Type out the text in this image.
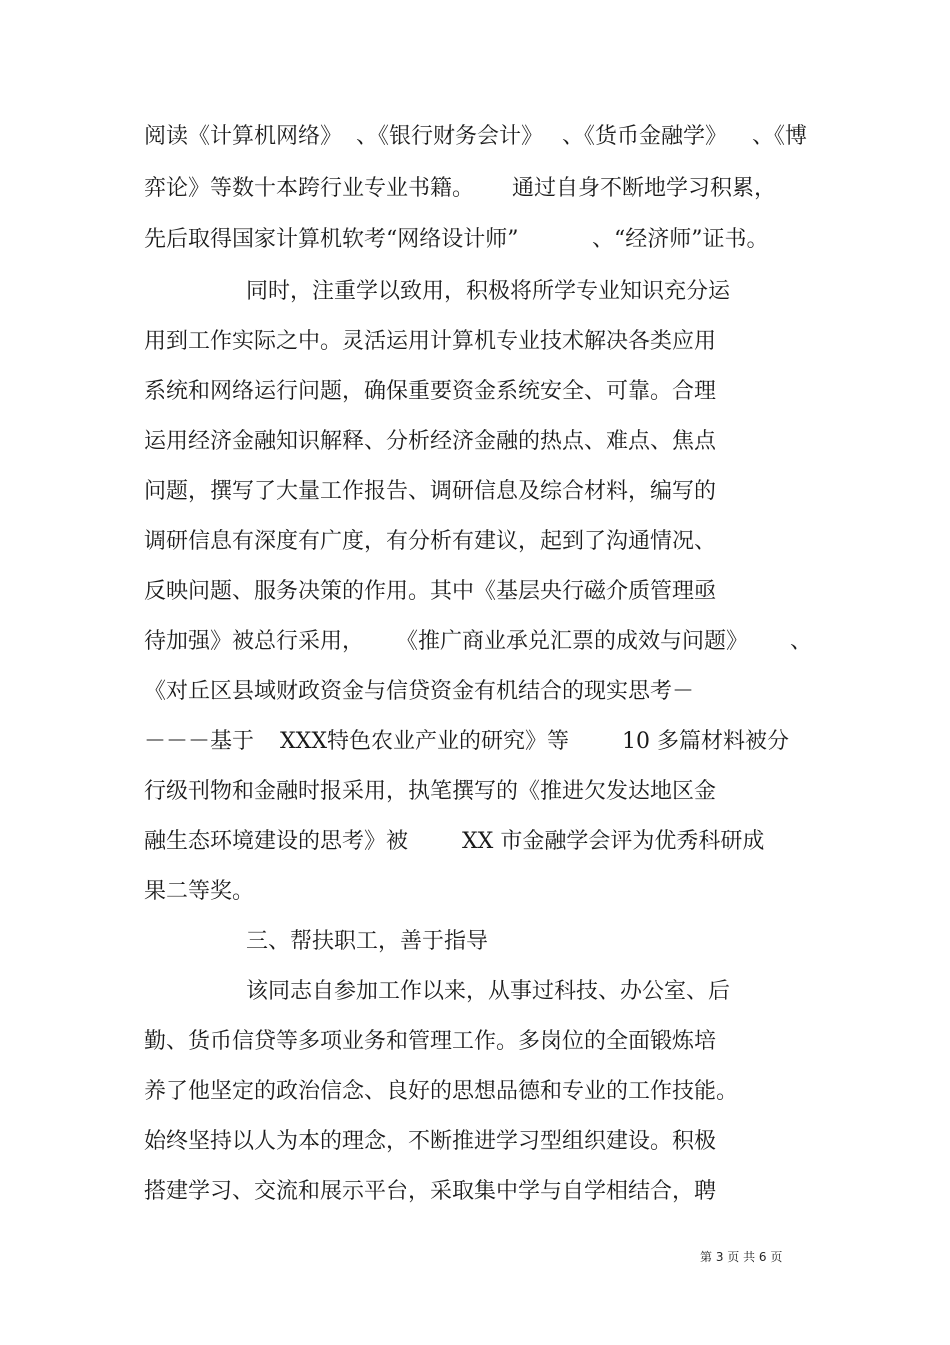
阅读《计算机网络》 、《银行财务会计》 、《货币金融学》 、《博
弈论》等数十本跨行业专业书籍。 通过自身不断地学习积累，
先后取得国家计算机软考“网络设计师”	、“经济师”证书。
同时，注重学以致用，积极将所学专业知识充分运
用到工作实际之中。灵活运用计算机专业技术解决各类应用
系统和网络运行问题，确保重要资金系统安全、可靠。合理
运用经济金融知识解释、分析经济金融的热点、难点、焦点
问题，撰写了大量工作报告、调研信息及综合材料，编写的
调研信息有深度有广度，有分析有建议，起到了沟通情况、
反映问题、服务决策的作用。其中《基层央行磁介质管理亟
待加强》被总行采用， 《推广商业承兑汇票的成效与问题》 、
《对丘区县域财政资金与信贷资金有机结合的现实思考－
－－－基于 XXX特色农业产业的研究》等 10 多篇材料被分
行级刊物和金融时报采用，执笔撰写的《推进欠发达地区金
融生态环境建设的思考》被 XX 市金融学会评为优秀科研成
果二等奖。
三、帮扶职工，善于指导
该同志自参加工作以来，从事过科技、办公室、后
勤、货币信贷等多项业务和管理工作。多岗位的全面锻炼培
养了他坚定的政治信念、良好的思想品德和专业的工作技能。
始终坚持以人为本的理念，不断推进学习型组织建设。积极
搭建学习、交流和展示平台，采取集中学与自学相结合，聘
第 3 页 共 6 页
